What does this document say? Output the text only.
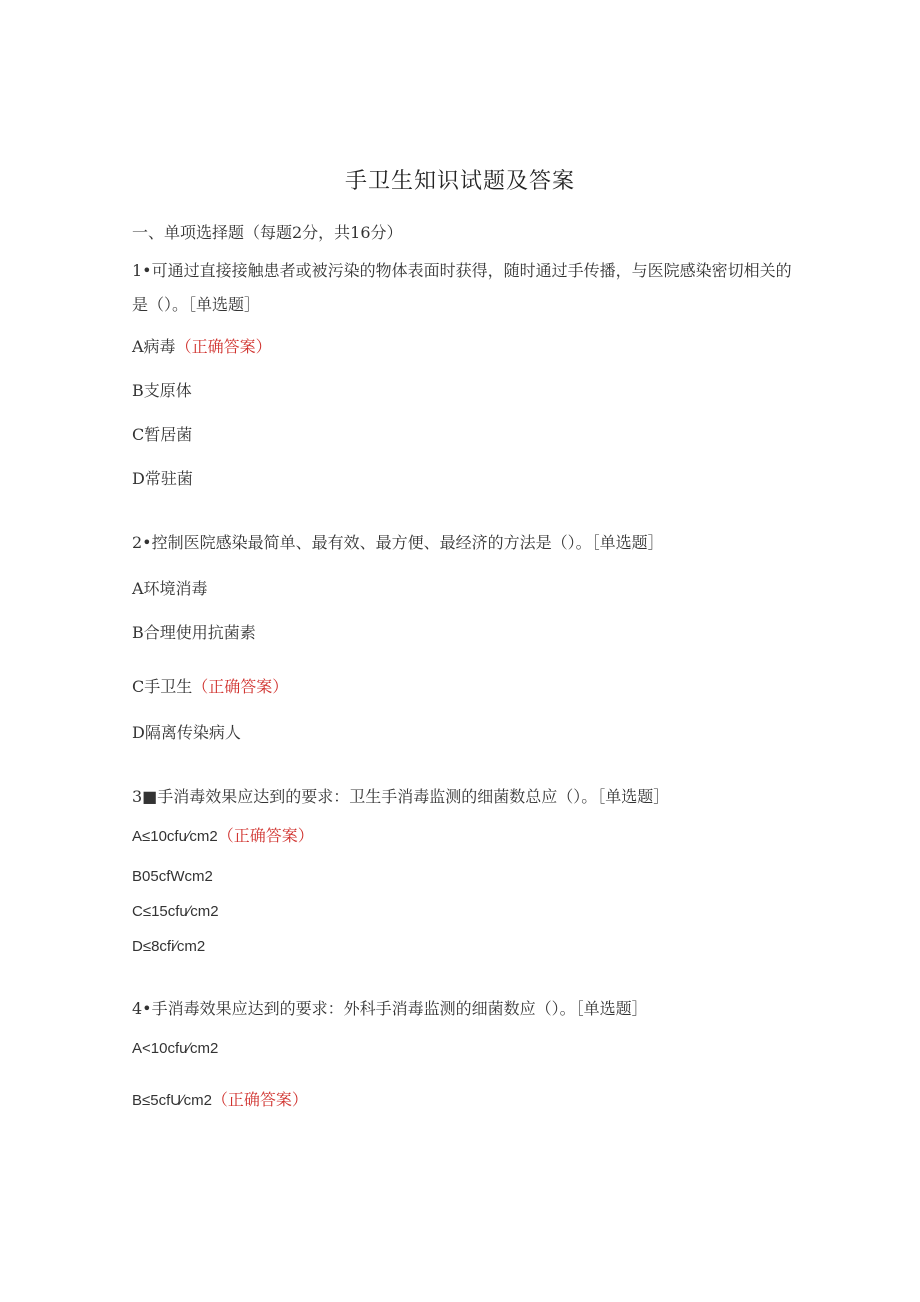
手卫生知识试题及答案
一、单项选择题（每题2分，共16分）
1•可通过直接接触患者或被污染的物体表面时获得，随时通过手传播，与医院感染密切相关的是（）。［单选题］
A病毒（正确答案）
B支原体
C暂居菌
D常驻菌
2•控制医院感染最简单、最有效、最方便、最经济的方法是（）。［单选题］
A环境消毒
B合理使用抗菌素
C手卫生（正确答案）
D隔离传染病人
3■手消毒效果应达到的要求：卫生手消毒监测的细菌数总应（）。［单选题］
A≤10cfu∕cm2（正确答案）
B05cfWcm2
C≤15cfu∕cm2
D≤8cfi∕cm2
4•手消毒效果应达到的要求：外科手消毒监测的细菌数应（）。［单选题］
A<10cfu∕cm2
B≤5cfU∕cm2（正确答案）
